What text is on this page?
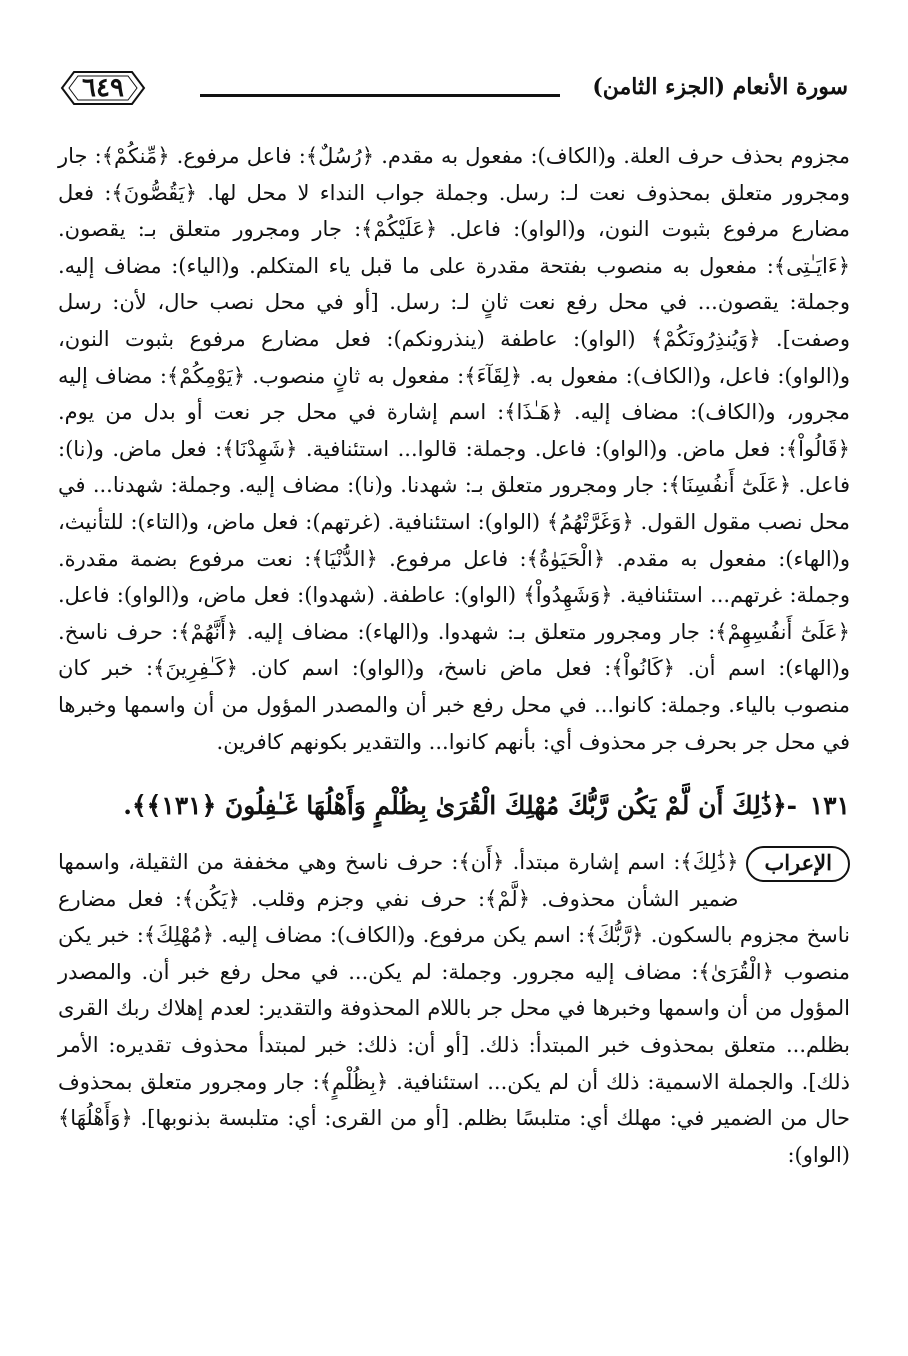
٦٤٩	سورة الأنعام (الجزء الثامن)

مجزوم بحذف حرف العلة. و(الكاف): مفعول به مقدم. ﴿رُسُلٌ﴾: فاعل مرفوع. ﴿مِّنكُمْ﴾: جار ومجرور متعلق بمحذوف نعت لـ: رسل. وجملة جواب النداء لا محل لها. ﴿يَقُصُّونَ﴾: فعل مضارع مرفوع بثبوت النون، و(الواو): فاعل. ﴿عَلَيْكُمْ﴾: جار ومجرور متعلق بـ: يقصون. ﴿ءَايَـٰتِى﴾: مفعول به منصوب بفتحة مقدرة على ما قبل ياء المتكلم. و(الياء): مضاف إليه. وجملة: يقصون... في محل رفع نعت ثانٍ لـ: رسل. [أو في محل نصب حال، لأن: رسل وصفت]. ﴿وَيُنذِرُونَكُمْ﴾ (الواو): عاطفة (ينذرونكم): فعل مضارع مرفوع بثبوت النون، و(الواو): فاعل، و(الكاف): مفعول به. ﴿لِقَآءَ﴾: مفعول به ثانٍ منصوب. ﴿يَوْمِكُمْ﴾: مضاف إليه مجرور، و(الكاف): مضاف إليه. ﴿هَـٰذَا﴾: اسم إشارة في محل جر نعت أو بدل من يوم. ﴿قَالُواْ﴾: فعل ماض. و(الواو): فاعل. وجملة: قالوا... استئنافية. ﴿شَهِدْنَا﴾: فعل ماض. و(نا): فاعل. ﴿عَلَىٰٓ أَنفُسِنَا﴾: جار ومجرور متعلق بـ: شهدنا. و(نا): مضاف إليه. وجملة: شهدنا... في محل نصب مقول القول. ﴿وَغَرَّتْهُمُ﴾ (الواو): استئنافية. (غرتهم): فعل ماض، و(التاء): للتأنيث، و(الهاء): مفعول به مقدم. ﴿الْحَيَوٰةُ﴾: فاعل مرفوع. ﴿الدُّنْيَا﴾: نعت مرفوع بضمة مقدرة. وجملة: غرتهم... استئنافية. ﴿وَشَهِدُواْ﴾ (الواو): عاطفة. (شهدوا): فعل ماض، و(الواو): فاعل. ﴿عَلَىٰٓ أَنفُسِهِمْ﴾: جار ومجرور متعلق بـ: شهدوا. و(الهاء): مضاف إليه. ﴿أَنَّهُمْ﴾: حرف ناسخ. و(الهاء): اسم أن. ﴿كَانُواْ﴾: فعل ماض ناسخ، و(الواو): اسم كان. ﴿كَـٰفِرِينَ﴾: خبر كان منصوب بالياء. وجملة: كانوا... في محل رفع خبر أن والمصدر المؤول من أن واسمها وخبرها في محل جر بحرف جر محذوف أي: بأنهم كانوا... والتقدير بكونهم كافرين.

١٣١ -﴿ذَٰلِكَ أَن لَّمْ يَكُن رَّبُّكَ مُهْلِكَ الْقُرَىٰ بِظُلْمٍ وَأَهْلُهَا غَـٰفِلُونَ ﴿١٣١﴾﴾.
الإعراب

﴿ذَٰلِكَ﴾: اسم إشارة مبتدأ. ﴿أَن﴾: حرف ناسخ وهي مخففة من الثقيلة، واسمها ضمير الشأن محذوف. ﴿لَّمْ﴾: حرف نفي وجزم وقلب. ﴿يَكُن﴾: فعل مضارع ناسخ مجزوم بالسكون. ﴿رَّبُّكَ﴾: اسم يكن مرفوع. و(الكاف): مضاف إليه. ﴿مُهْلِكَ﴾: خبر يكن منصوب ﴿الْقُرَىٰ﴾: مضاف إليه مجرور. وجملة: لم يكن... في محل رفع خبر أن. والمصدر المؤول من أن واسمها وخبرها في محل جر باللام المحذوفة والتقدير: لعدم إهلاك ربك القرى بظلم... متعلق بمحذوف خبر المبتدأ: ذلك. [أو أن: ذلك: خبر لمبتدأ محذوف تقديره: الأمر ذلك]. والجملة الاسمية: ذلك أن لم يكن... استئنافية. ﴿بِظُلْمٍ﴾: جار ومجرور متعلق بمحذوف حال من الضمير في: مهلك أي: متلبسًا بظلم. [أو من القرى: أي: متلبسة بذنوبها]. ﴿وَأَهْلُهَا﴾ (الواو):
